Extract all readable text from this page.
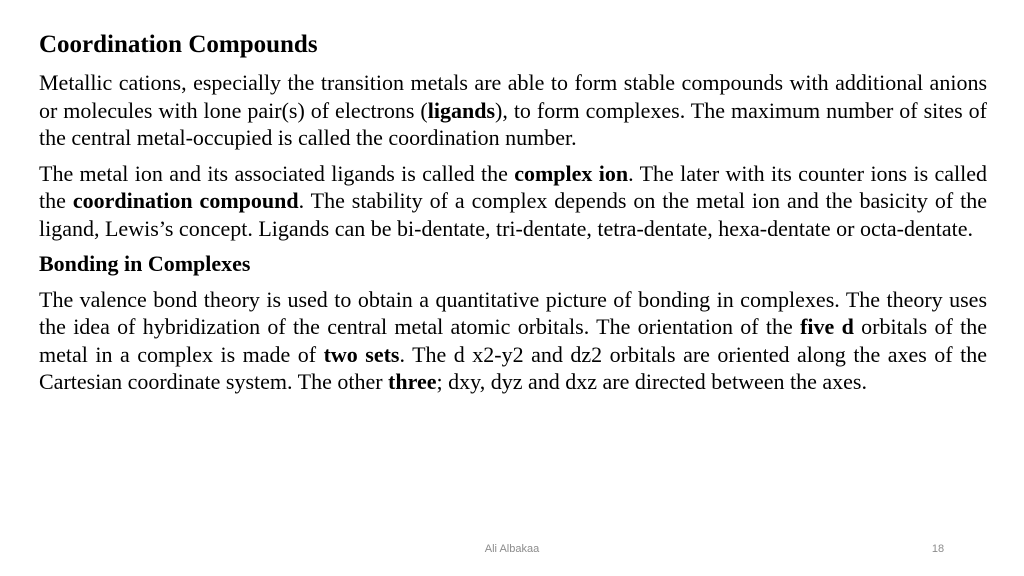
Coordination Compounds

Metallic cations, especially the transition metals are able to form stable compounds with additional anions or molecules with lone pair(s) of electrons (ligands), to form complexes. The maximum number of sites of the central metal-occupied is called the coordination number.

The metal ion and its associated ligands is called the complex ion. The later with its counter ions is called the coordination compound. The stability of a complex depends on the metal ion and the basicity of the ligand, Lewis’s concept. Ligands can be bi-dentate, tri-dentate, tetra-dentate, hexa-dentate or octa-dentate.

Bonding in Complexes

The valence bond theory is used to obtain a quantitative picture of bonding in complexes. The theory uses the idea of hybridization of the central metal atomic orbitals. The orientation of the five d orbitals of the metal in a complex is made of two sets. The d x2-y2 and dz2 orbitals are oriented along the axes of the Cartesian coordinate system. The other three; dxy, dyz and dxz are directed between the axes.

Ali Albakaa	18
